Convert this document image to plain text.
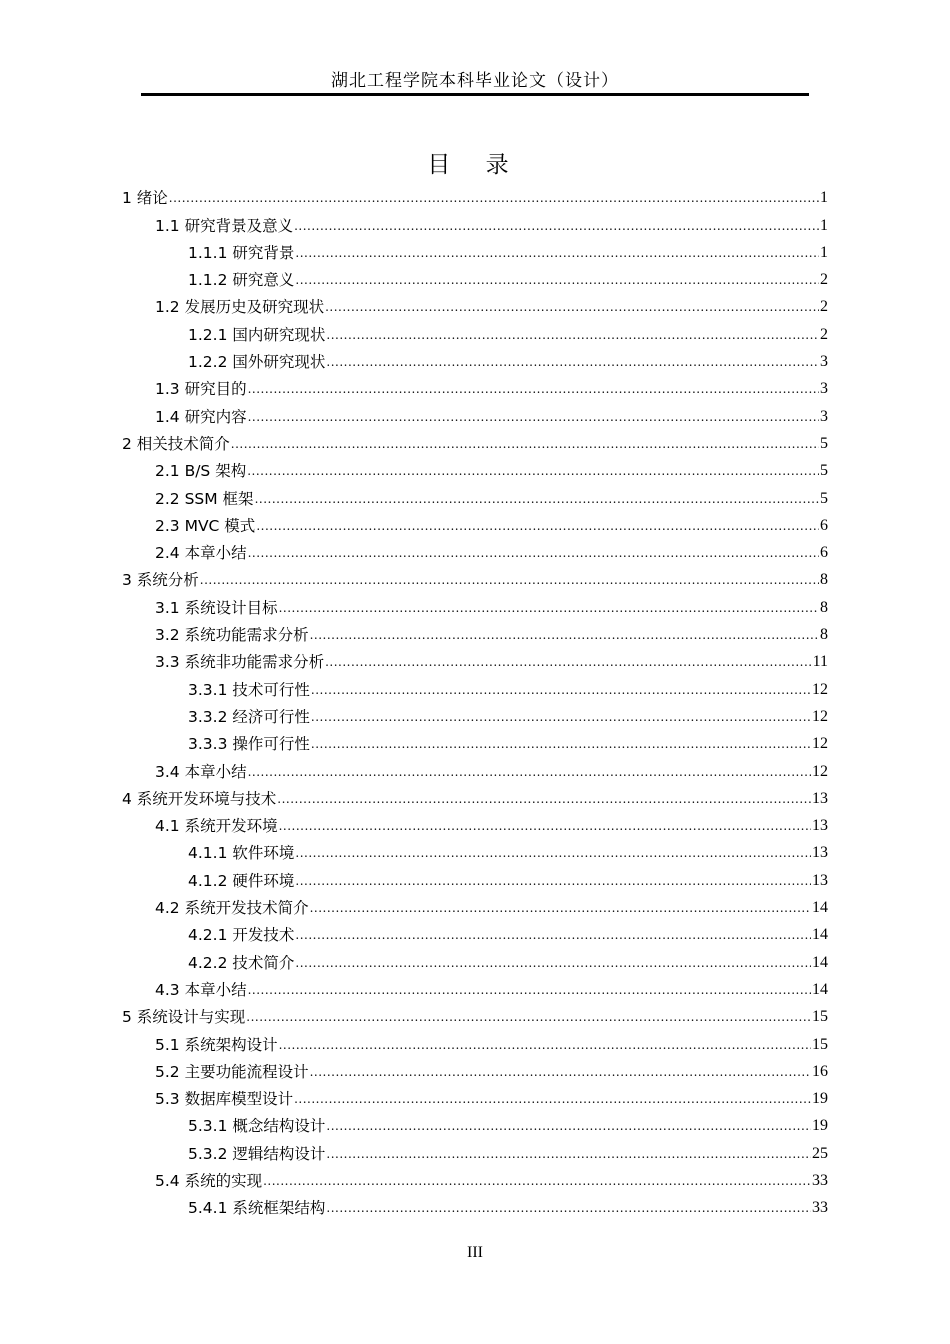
湖北工程学院本科毕业论文（设计）
目 录
1 绪论 .....	1
1.1 研究背景及意义 .....	1
1.1.1 研究背景 .....	1
1.1.2 研究意义 .....	2
1.2 发展历史及研究现状 .....	2
1.2.1 国内研究现状 .....	2
1.2.2 国外研究现状 .....	3
1.3 研究目的 .....	3
1.4 研究内容 .....	3
2 相关技术简介 .....	5
2.1 B/S 架构 .....	5
2.2 SSM 框架 .....	5
2.3 MVC 模式 .....	6
2.4 本章小结 .....	6
3 系统分析 .....	8
3.1 系统设计目标 .....	8
3.2 系统功能需求分析 .....	8
3.3 系统非功能需求分析 .....	11
3.3.1 技术可行性 .....	12
3.3.2 经济可行性 .....	12
3.3.3 操作可行性 .....	12
3.4 本章小结 .....	12
4 系统开发环境与技术 .....	13
4.1 系统开发环境 .....	13
4.1.1 软件环境 .....	13
4.1.2 硬件环境 .....	13
4.2 系统开发技术简介 .....	14
4.2.1 开发技术 .....	14
4.2.2 技术简介 .....	14
4.3 本章小结 .....	14
5 系统设计与实现 .....	15
5.1 系统架构设计 .....	15
5.2 主要功能流程设计 .....	16
5.3 数据库模型设计 .....	19
5.3.1 概念结构设计 .....	19
5.3.2 逻辑结构设计 .....	25
5.4 系统的实现 .....	33
5.4.1 系统框架结构 .....	33
III
